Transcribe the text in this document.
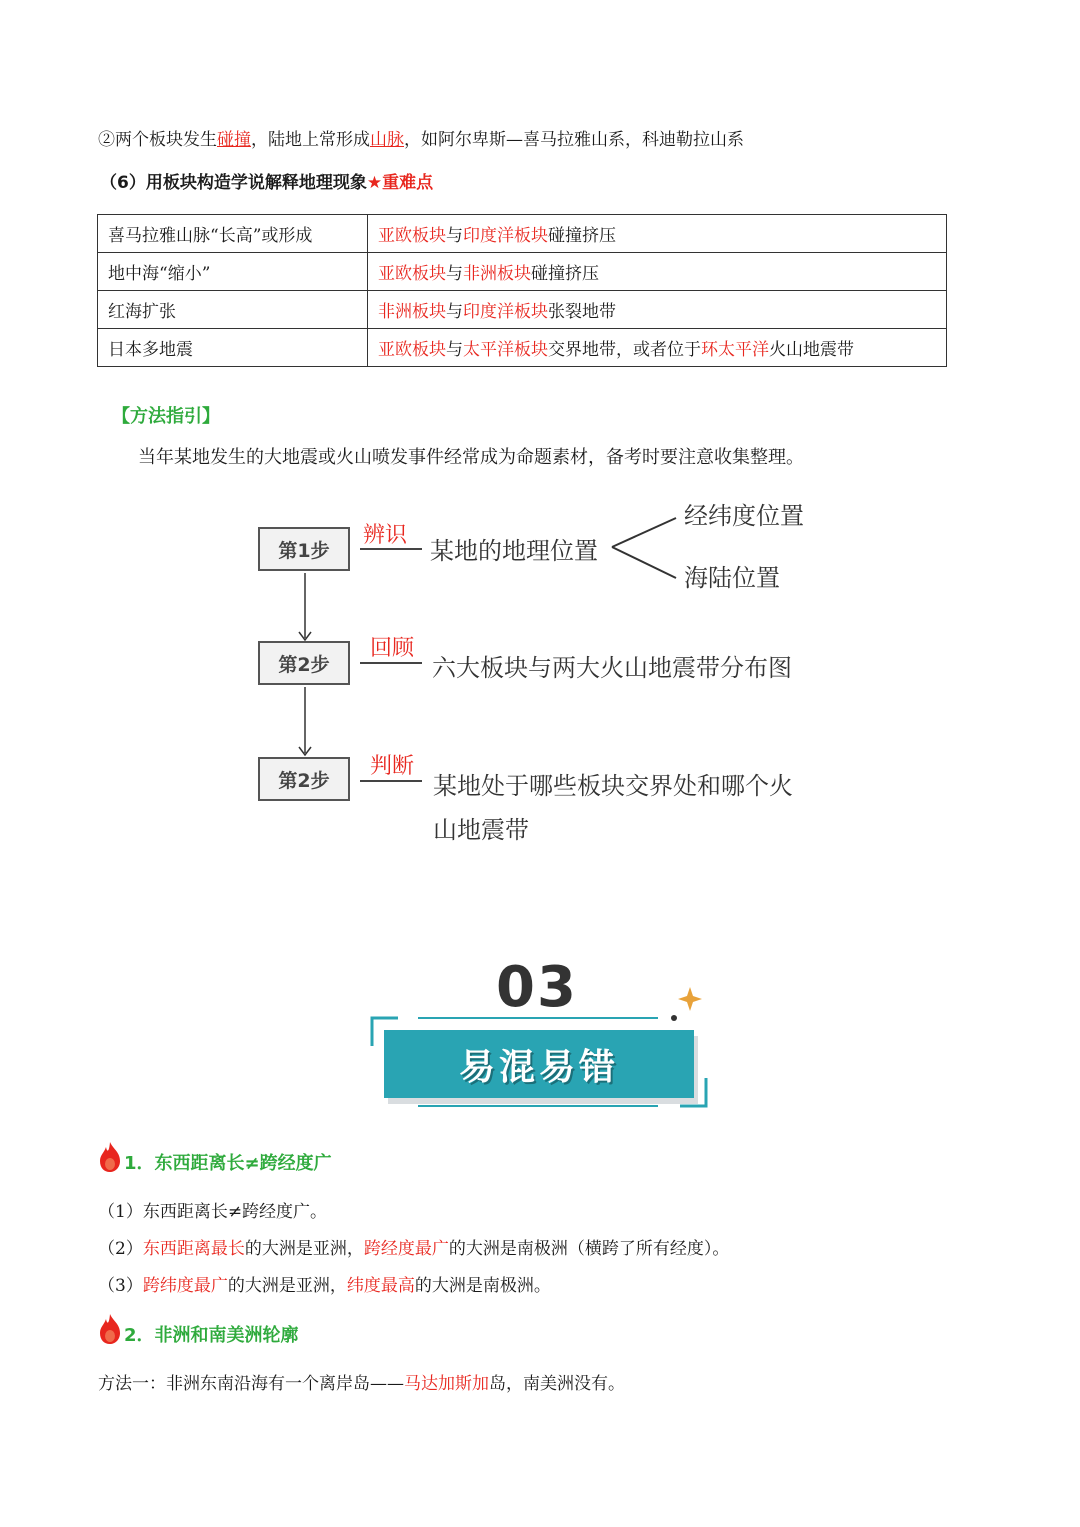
②两个板块发生碰撞，陆地上常形成山脉，如阿尔卑斯—喜马拉雅山系，科迪勒拉山系
（6）用板块构造学说解释地理现象★重难点
喜马拉雅山脉“长高”或形成	亚欧板块与印度洋板块碰撞挤压
地中海“缩小”	亚欧板块与非洲板块碰撞挤压
红海扩张	非洲板块与印度洋板块张裂地带
日本多地震	亚欧板块与太平洋板块交界地带，或者位于环太平洋火山地震带
【方法指引】
当年某地发生的大地震或火山喷发事件经常成为命题素材，备考时要注意收集整理。
第1步
辨识
某地的地理位置
经纬度位置
海陆位置
第2步
回顾
六大板块与两大火山地震带分布图
第2步
判断
某地处于哪些板块交界处和哪个火
山地震带
03
易混易错
1．东西距离长≠跨经度广
（1）东西距离长≠跨经度广。
（2）东西距离最长的大洲是亚洲，跨经度最广的大洲是南极洲（横跨了所有经度）。
（3）跨纬度最广的大洲是亚洲，纬度最高的大洲是南极洲。
2．非洲和南美洲轮廓
方法一：非洲东南沿海有一个离岸岛——马达加斯加岛，南美洲没有。
